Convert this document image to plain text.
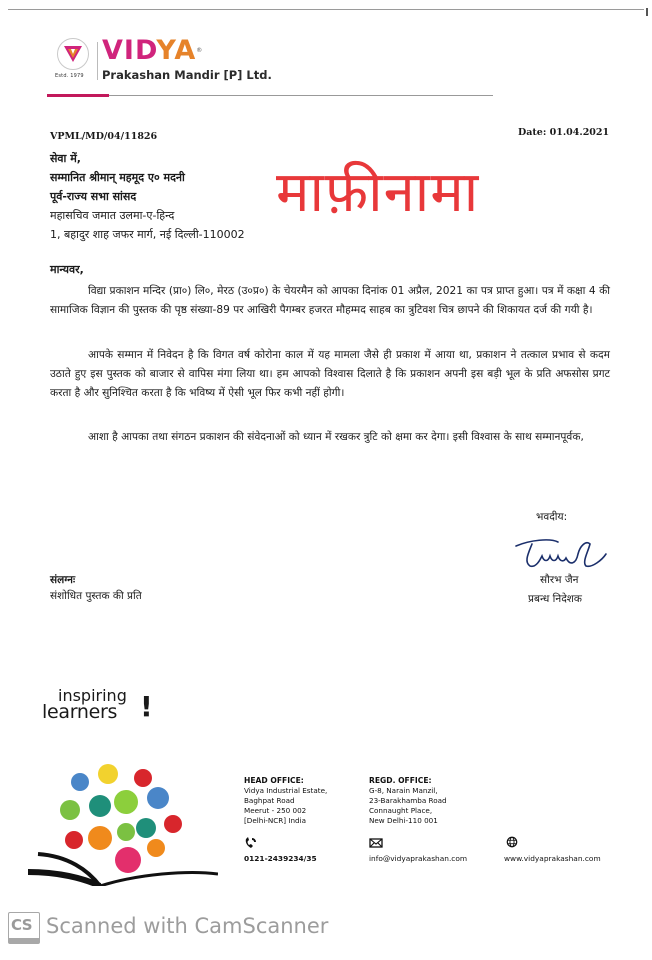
Estd. 1979
VIDYA®
Prakashan Mandir [P] Ltd.
VPML/MD/04/11826	Date: 01.04.2021
सेवा में,
सम्मानित श्रीमान् महमूद ए० मदनी
पूर्व-राज्य सभा सांसद
महासचिव जमात उलमा-ए-हिन्द
1, बहादुर शाह जफर मार्ग, नई दिल्ली-110002
माफ़ीनामा
मान्यवर,
विद्या प्रकाशन मन्दिर (प्रा०) लि०, मेरठ (उ०प्र०) के चेयरमैन को आपका दिनांक 01 अप्रैल, 2021 का पत्र प्राप्त हुआ। पत्र में कक्षा 4 की सामाजिक विज्ञान की पुस्तक की पृष्ठ संख्या-89 पर आखिरी पैगम्बर हजरत मौहम्मद साहब का त्रुटिवश चित्र छापने की शिकायत दर्ज की गयी है।
आपके सम्मान में निवेदन है कि विगत वर्ष कोरोना काल में यह मामला जैसे ही प्रकाश में आया था, प्रकाशन ने तत्काल प्रभाव से कदम उठाते हुए इस पुस्तक को बाजार से वापिस मंगा लिया था। हम आपको विश्वास दिलाते है कि प्रकाशन अपनी इस बड़ी भूल के प्रति अफसोस प्रगट करता है और सुनिश्चित करता है कि भविष्य में ऐसी भूल फिर कभी नहीं होगी।
आशा है आपका तथा संगठन प्रकाशन की संवेदनाओं को ध्यान में रखकर त्रुटि को क्षमा कर देगा। इसी विश्वास के साथ सम्मानपूर्वक,
भवदीय:
सौरभ जैन
प्रबन्ध निदेशक
संलग्नः
संशोधित पुस्तक की प्रति
inspiring
learners !
HEAD OFFICE:
Vidya Industrial Estate,
Baghpat Road
Meerut - 250 002
[Delhi-NCR] India
REGD. OFFICE:
G-8, Narain Manzil,
23-Barakhamba Road
Connaught Place,
New Delhi-110 001
0121-2439234/35	info@vidyaprakashan.com	www.vidyaprakashan.com
CS Scanned with CamScanner
